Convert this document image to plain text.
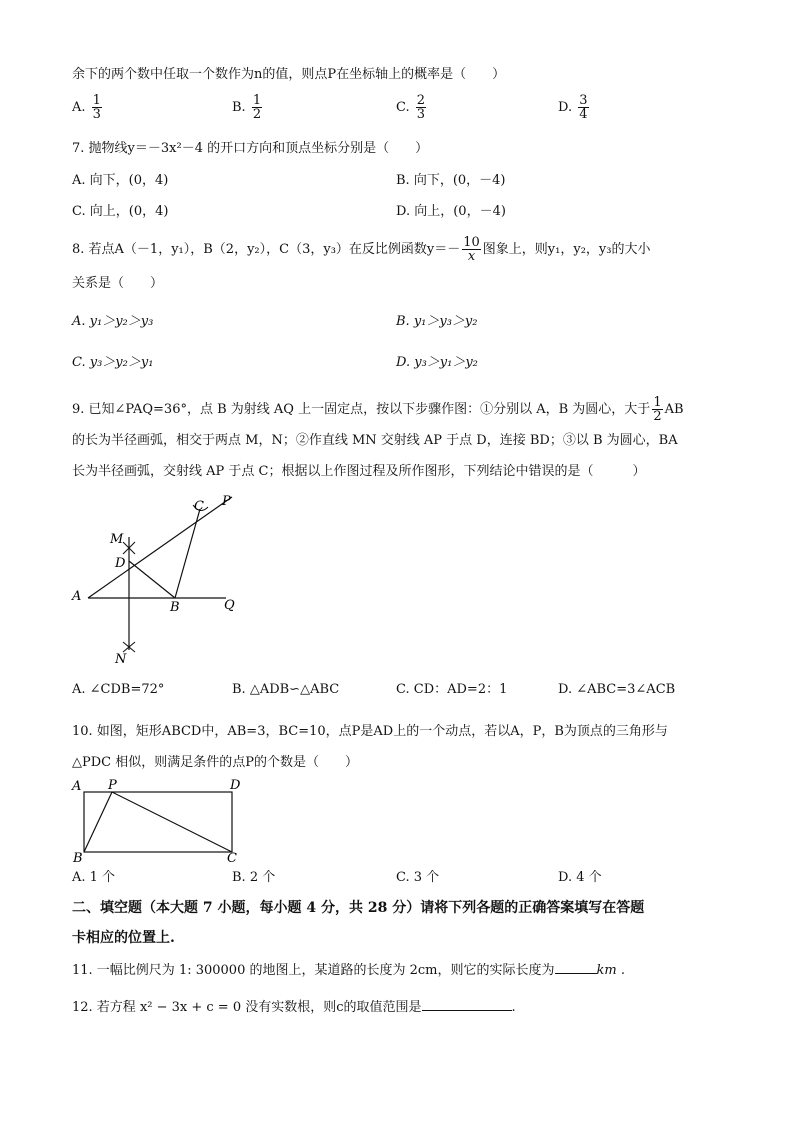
余下的两个数中任取一个数作为n的值，则点P在坐标轴上的概率是（　　）
A. $\frac{1}{3}$	B. $\frac{1}{2}$	C. $\frac{2}{3}$	D. $\frac{3}{4}$
7. 抛物线y＝－3x²－4 的开口方向和顶点坐标分别是（　　）
A. 向下，(0，4)	B. 向下，(0，－4)
C. 向上，(0，4)	D. 向上，(0，－4)
8. 若点A（－1，y₁），B（2，y₂），C（3，y₃）在反比例函数$y=- \frac{10}{x}$ 图象上，则y₁，y₂，y₃的大小
关系是（　　）
A. y₁＞y₂＞y₃	B. y₁＞y₃＞y₂
C. y₃＞y₂＞y₁	D. y₃＞y₁＞y₂
9. 已知∠PAQ=36°，点 B 为射线 AQ 上一固定点，按以下步骤作图：①分别以 A，B 为圆心，大于 $\frac{1}{2}$ AB
的长为半径画弧，相交于两点 M，N；②作直线 MN 交射线 AP 于点 D，连接 BD；③以 B 为圆心，BA
长为半径画弧，交射线 AP 于点 C；根据以上作图过程及所作图形，下列结论中错误的是（　　　）
P
C
M
D
A
B	Q
N
A. ∠CDB=72°	B. △ADB∽△ABC	C. CD：AD=2：1	D. ∠ABC=3∠ACB
10. 如图，矩形ABCD中，AB=3，BC=10，点P是AD上的一个动点，若以A，P，B为顶点的三角形与
△PDC 相似，则满足条件的点P的个数是（　　）
A P	D
B	C
A. 1 个	B. 2 个	C. 3 个	D. 4 个
二、填空题（本大题 7 小题，每小题 4 分，共 28 分）请将下列各题的正确答案填写在答题
卡相应的位置上.
11. 一幅比例尺为 1: 300000 的地图上，某道路的长度为 2cm，则它的实际长度为	km .
12. 若方程 x² − 3x + c = 0 没有实数根，则c的取值范围是	.
